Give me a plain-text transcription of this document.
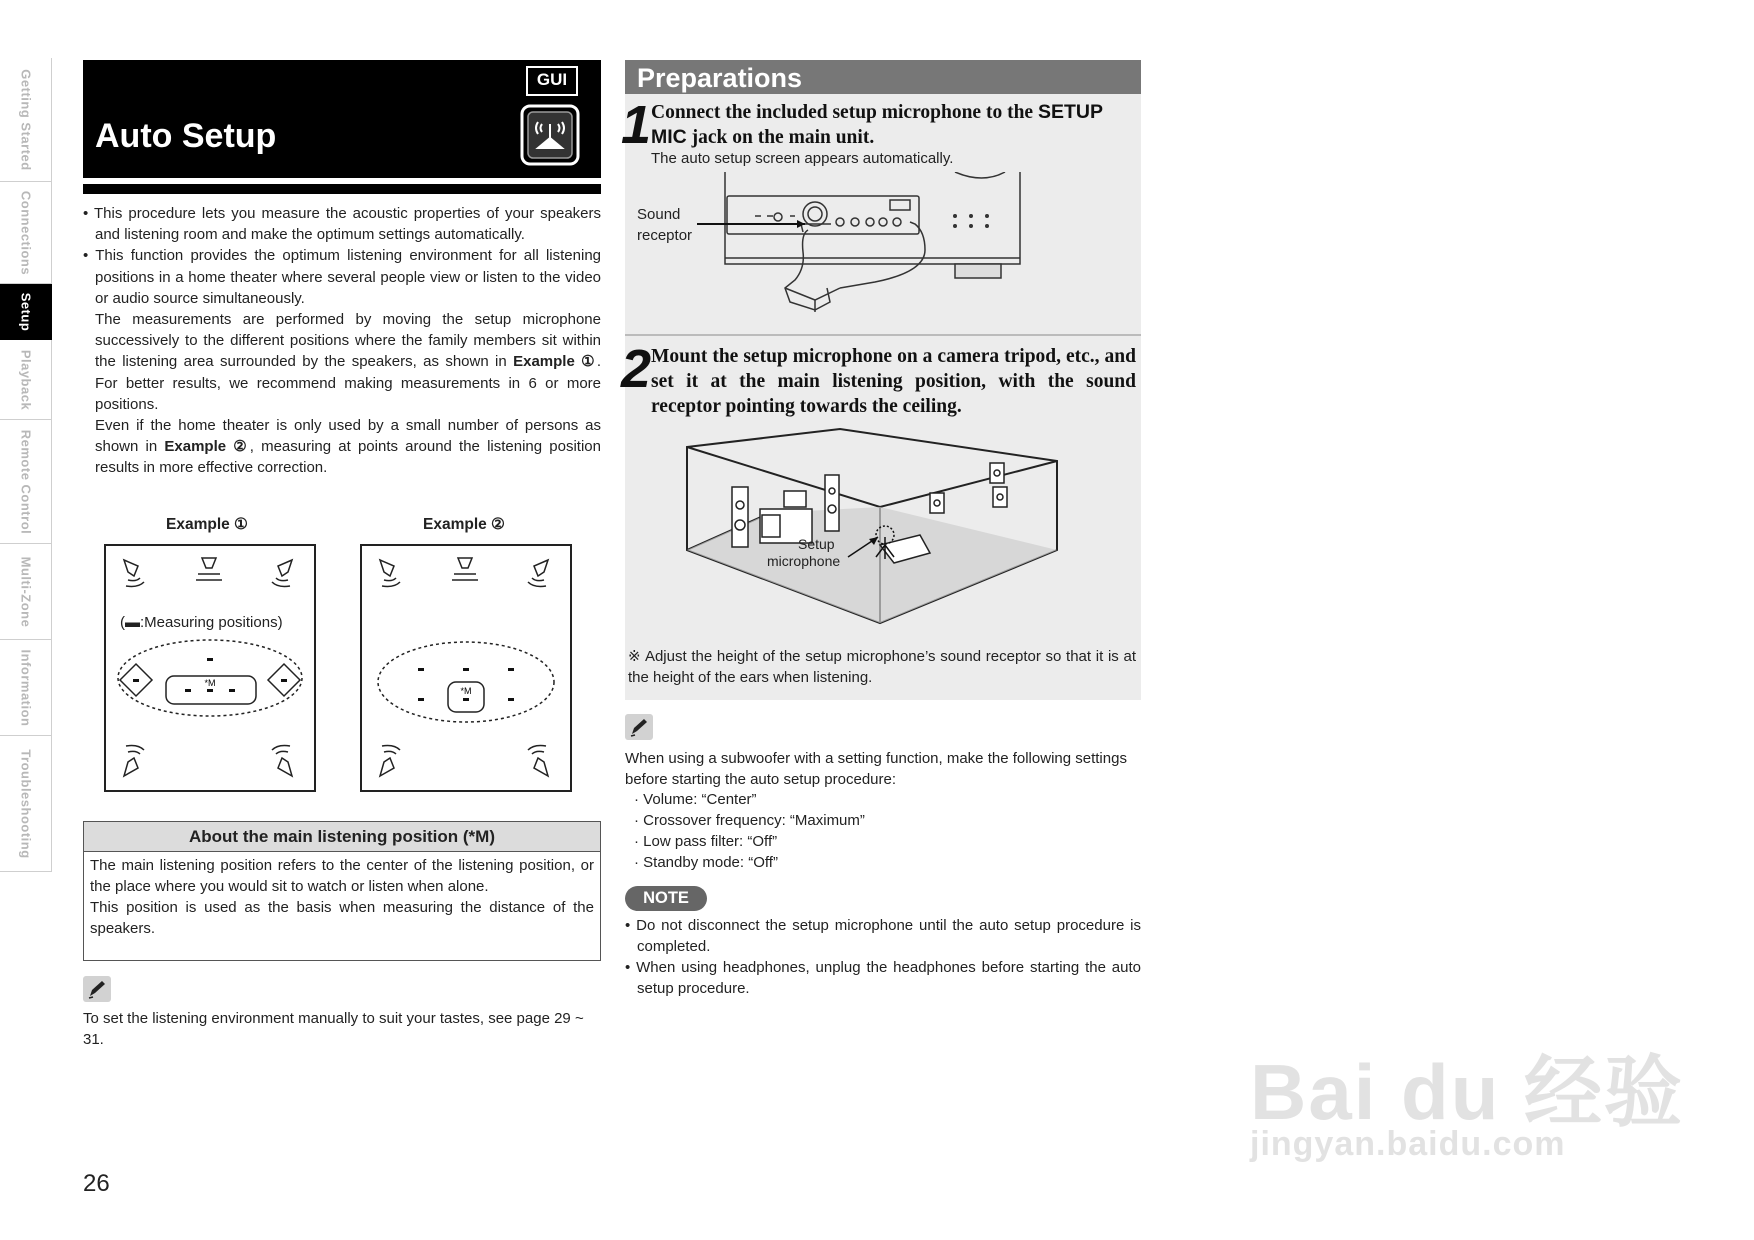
Getting Started
Connections
Setup
Playback
Remote Control
Multi-Zone
Information
Troubleshooting
Auto Setup
GUI

• This procedure lets you measure the acoustic properties of your speakers and listening room and make the optimum settings automatically.

• This function provides the optimum listening environment for all listening positions in a home theater where several people view or listen to the video or audio source simultaneously.

The measurements are performed by moving the setup microphone successively to the different positions where the family members sit within the listening area surrounded by the speakers, as shown in Example ①. For better results, we recommend making measurements in 6 or more positions.

Even if the home theater is only used by a small number of persons as shown in Example ②, measuring at points around the listening position results in more effective correction.

Example ①	Example ②
*M
(▬:Measuring positions)
*M
About the main listening position (*M)

The main listening position refers to the center of the listening position, or the place where you would sit to watch or listen when alone.

This position is used as the basis when measuring the distance of the speakers.

To set the listening environment manually to suit your tastes, see page 29 ~ 31.
26
Preparations
1 Connect the included setup microphone to the SETUP MIC jack on the main unit.
The auto setup screen appears automatically.
Sound
receptor
2 Mount the setup microphone on a camera tripod, etc., and set it at the main listening position, with the sound receptor pointing towards the ceiling.
Setup
microphone
※ Adjust the height of the setup microphone’s sound receptor so that it is at the height of the ears when listening.
When using a subwoofer with a setting function, make the following settings before starting the auto setup procedure:
· Volume: “Center”
· Crossover frequency: “Maximum”
· Low pass filter: “Off”
· Standby mode: “Off”
NOTE

• Do not disconnect the setup microphone until the auto setup procedure is completed.

• When using headphones, unplug the headphones before starting the auto setup procedure.

Bai du 经验
jingyan.baidu.com
